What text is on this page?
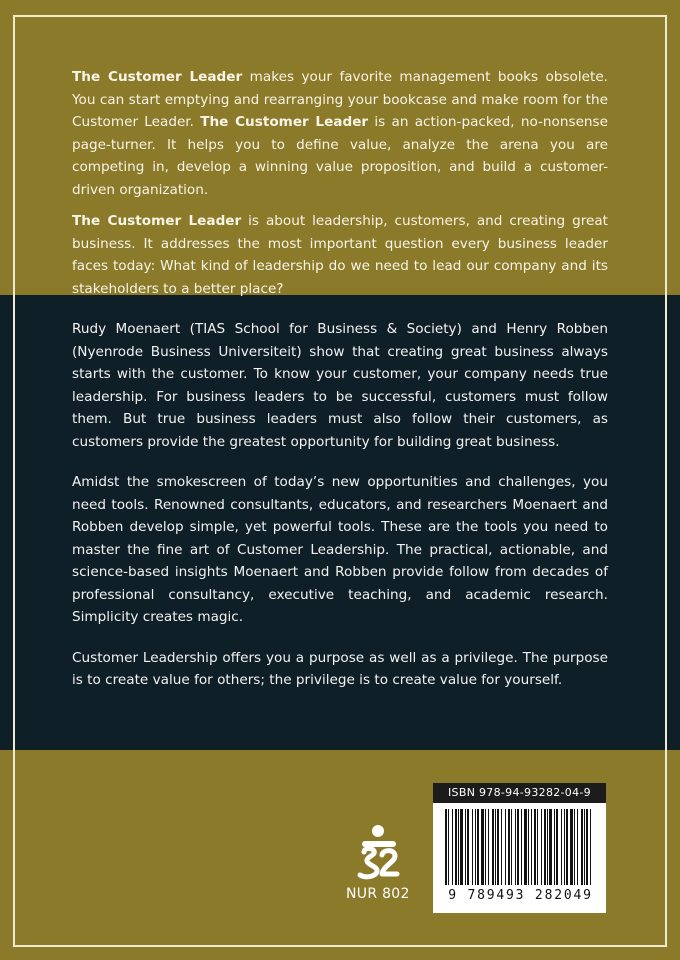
The Customer Leader makes your favorite management books obsolete. You can start emptying and rearranging your bookcase and make room for the Customer Leader. The Customer Leader is an action-packed, no-nonsense page-turner. It helps you to define value, analyze the arena you are competing in, develop a winning value proposition, and build a customer-driven organization.

The Customer Leader is about leadership, customers, and creating great business. It addresses the most important question every business leader faces today: What kind of leadership do we need to lead our company and its stakeholders to a better place?

Rudy Moenaert (TIAS School for Business & Society) and Henry Robben (Nyenrode Business Universiteit) show that creating great business always starts with the customer. To know your customer, your company needs true leadership. For business leaders to be successful, customers must follow them. But true business leaders must also follow their customers, as customers provide the greatest opportunity for building great business.

Amidst the smokescreen of today’s new opportunities and challenges, you need tools. Renowned consultants, educators, and researchers Moenaert and Robben develop simple, yet powerful tools. These are the tools you need to master the fine art of Customer Leadership. The practical, actionable, and science-based insights Moenaert and Robben provide follow from decades of professional consultancy, executive teaching, and academic research. Simplicity creates magic.

Customer Leadership offers you a purpose as well as a privilege. The purpose is to create value for others; the privilege is to create value for yourself.

NUR 802
ISBN 978-94-93282-04-9
9 789493 282049
